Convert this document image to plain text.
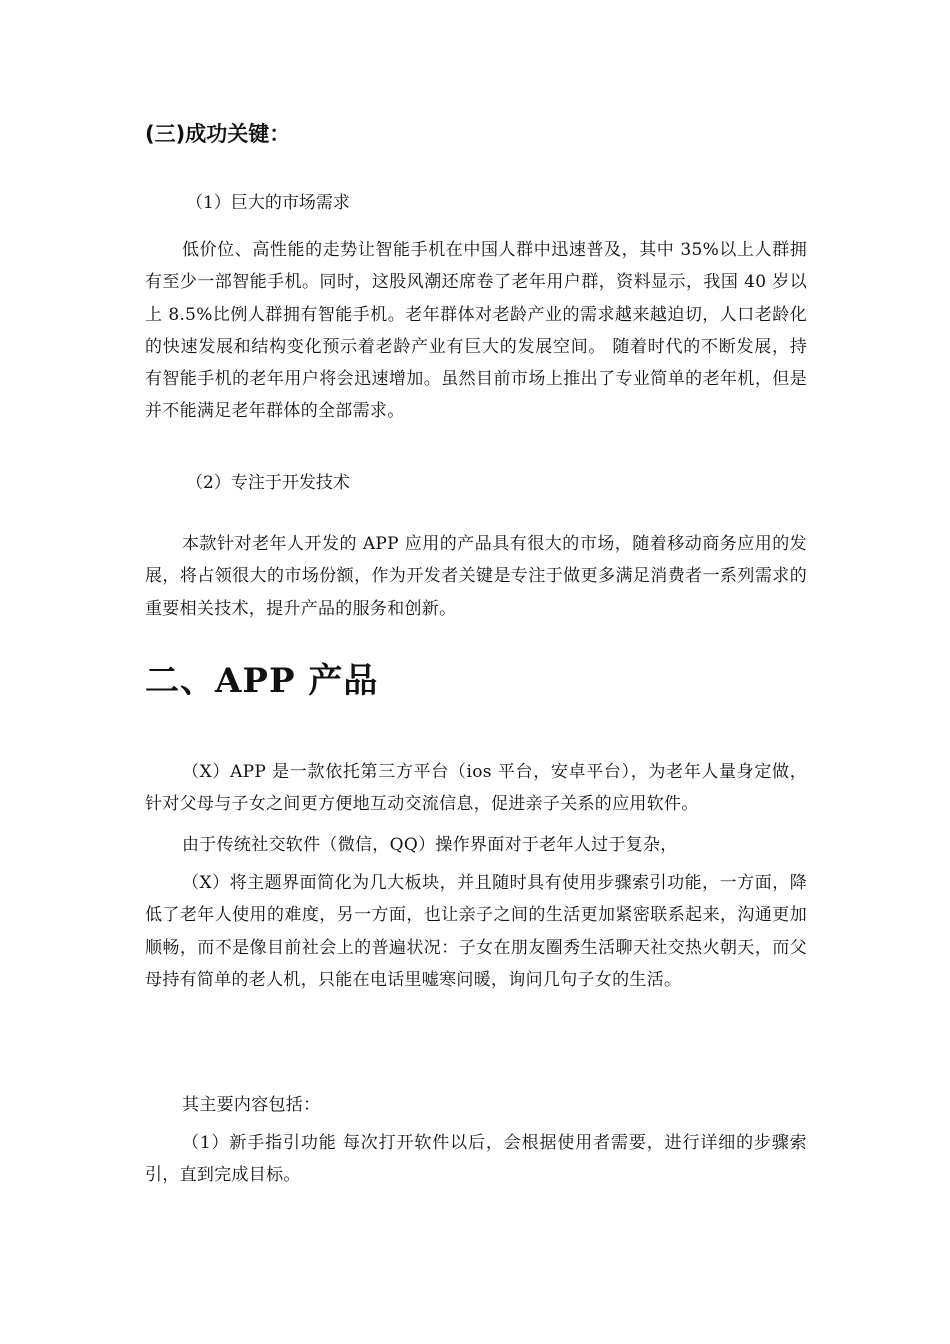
(三)成功关键：

（1）巨大的市场需求

低价位、高性能的走势让智能手机在中国人群中迅速普及，其中 35%以上人群拥有至少一部智能手机。同时，这股风潮还席卷了老年用户群，资料显示，我国 40 岁以上 8.5%比例人群拥有智能手机。老年群体对老龄产业的需求越来越迫切，人口老龄化的快速发展和结构变化预示着老龄产业有巨大的发展空间。 随着时代的不断发展，持有智能手机的老年用户将会迅速增加。虽然目前市场上推出了专业简单的老年机，但是并不能满足老年群体的全部需求。

（2）专注于开发技术

本款针对老年人开发的 APP 应用的产品具有很大的市场，随着移动商务应用的发展，将占领很大的市场份额，作为开发者关键是专注于做更多满足消费者一系列需求的重要相关技术，提升产品的服务和创新。

二、APP 产品

（X）APP 是一款依托第三方平台（ios 平台，安卓平台），为老年人量身定做，针对父母与子女之间更方便地互动交流信息，促进亲子关系的应用软件。

由于传统社交软件（微信，QQ）操作界面对于老年人过于复杂，

（X）将主题界面简化为几大板块，并且随时具有使用步骤索引功能，一方面，降低了老年人使用的难度，另一方面，也让亲子之间的生活更加紧密联系起来，沟通更加顺畅，而不是像目前社会上的普遍状况：子女在朋友圈秀生活聊天社交热火朝天，而父母持有简单的老人机，只能在电话里嘘寒问暖，询问几句子女的生活。

其主要内容包括：

（1）新手指引功能 每次打开软件以后，会根据使用者需要，进行详细的步骤索引，直到完成目标。
